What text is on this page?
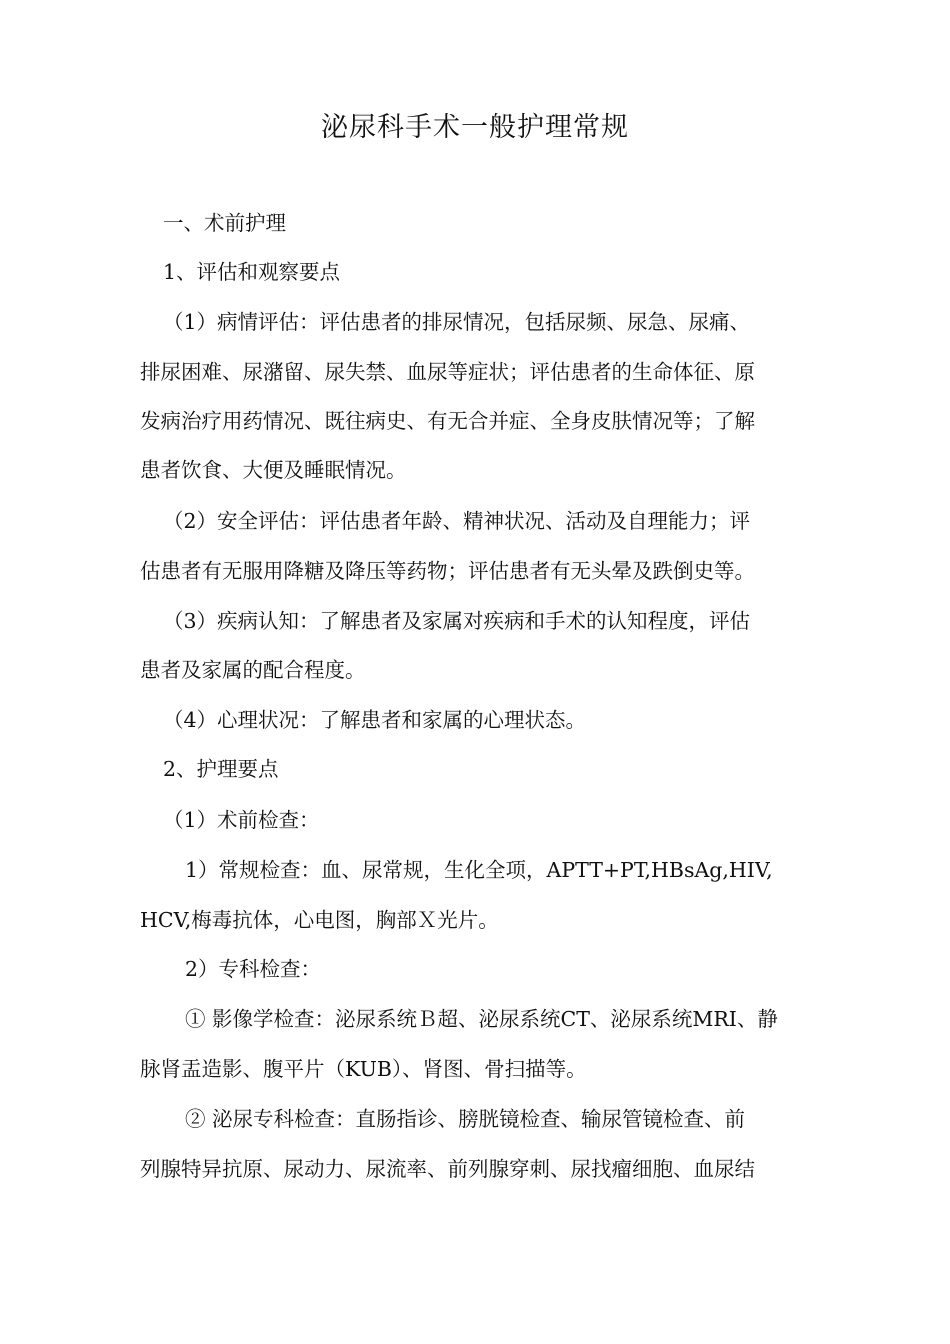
泌尿科手术一般护理常规
一、术前护理
1、评估和观察要点
（1）病情评估：评估患者的排尿情况，包括尿频、尿急、尿痛、
排尿困难、尿潴留、尿失禁、血尿等症状；评估患者的生命体征、原
发病治疗用药情况、既往病史、有无合并症、全身皮肤情况等；了解
患者饮食、大便及睡眠情况。
（2）安全评估：评估患者年龄、精神状况、活动及自理能力；评
估患者有无服用降糖及降压等药物；评估患者有无头晕及跌倒史等。
（3）疾病认知：了解患者及家属对疾病和手术的认知程度，评估
患者及家属的配合程度。
（4）心理状况：了解患者和家属的心理状态。
2、护理要点
（1）术前检查：
1）常规检查：血、尿常规，生化全项，APTT+PT,HBsAg,HIV,
HCV,梅毒抗体，心电图，胸部Ｘ光片。
2）专科检查：
① 影像学检查：泌尿系统Ｂ超、泌尿系统CT、泌尿系统MRI、静
脉肾盂造影、腹平片（KUB）、肾图、骨扫描等。
② 泌尿专科检查：直肠指诊、膀胱镜检查、输尿管镜检查、前
列腺特异抗原、尿动力、尿流率、前列腺穿刺、尿找瘤细胞、血尿结
